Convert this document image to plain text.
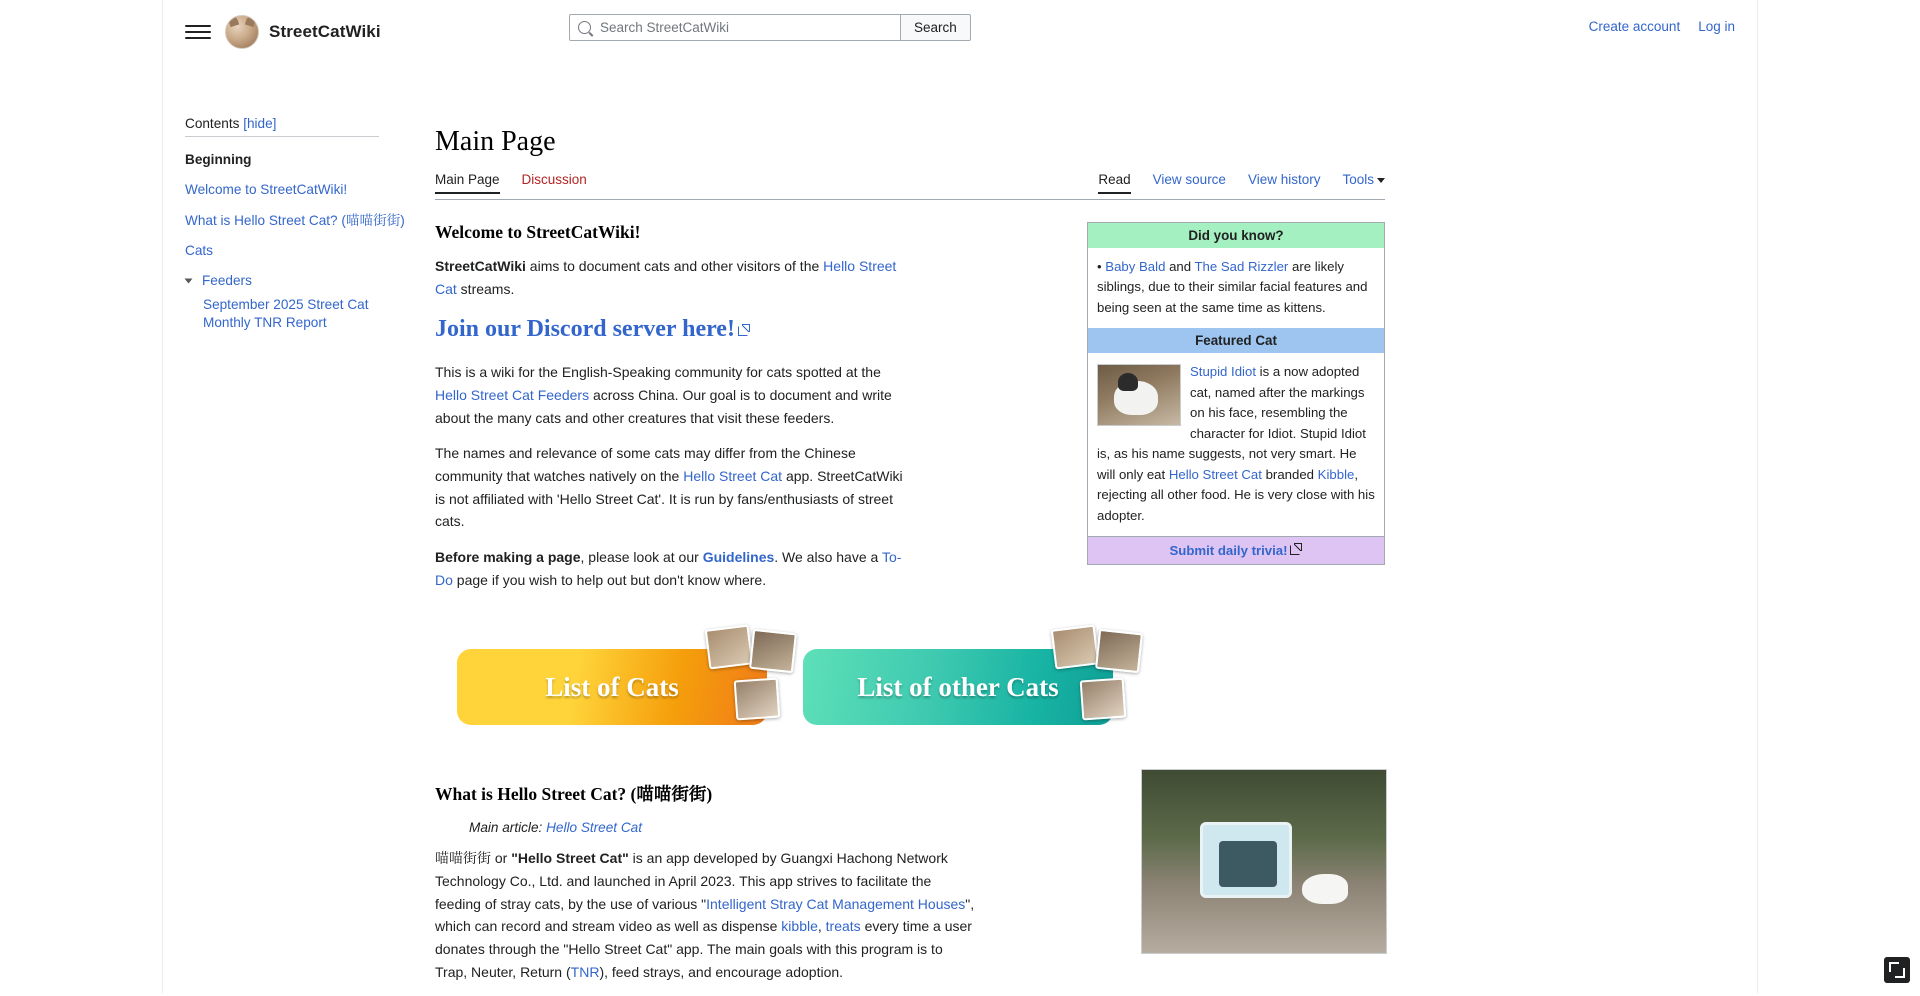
StreetCatWiki
Search StreetCatWiki	Search	Create account Log in
Contents [hide]
Beginning
Welcome to StreetCatWiki!
What is Hello Street Cat? (喵喵街街)
Cats
Feeders
September 2025 Street Cat Monthly TNR Report
Main Page
Main Page Discussion	Read View source View history Tools
Did you know?
• Baby Bald and The Sad Rizzler are likely siblings, due to their similar facial features and being seen at the same time as kittens.
Featured Cat
Stupid Idiot is a now adopted cat, named after the markings on his face, resembling the character for Idiot. Stupid Idiot is, as his name suggests, not very smart. He will only eat Hello Street Cat branded Kibble, rejecting all other food. He is very close with his adopter.
Submit daily trivia!
Welcome to StreetCatWiki!

StreetCatWiki aims to document cats and other visitors of the Hello Street Cat streams.

Join our Discord server here!

This is a wiki for the English-Speaking community for cats spotted at the Hello Street Cat Feeders across China. Our goal is to document and write about the many cats and other creatures that visit these feeders.

The names and relevance of some cats may differ from the Chinese community that watches natively on the Hello Street Cat app. StreetCatWiki is not affiliated with 'Hello Street Cat'. It is run by fans/enthusiasts of street cats.

Before making a page, please look at our Guidelines. We also have a To-Do page if you wish to help out but don't know where.

List of Cats	List of other Cats
What is Hello Street Cat? (喵喵街街)
Main article: Hello Street Cat

喵喵街街 or "Hello Street Cat" is an app developed by Guangxi Hachong Network Technology Co., Ltd. and launched in April 2023. This app strives to facilitate the feeding of stray cats, by the use of various "Intelligent Stray Cat Management Houses", which can record and stream video as well as dispense kibble, treats every time a user donates through the "Hello Street Cat" app. The main goals with this program is to Trap, Neuter, Return (TNR), feed strays, and encourage adoption.
